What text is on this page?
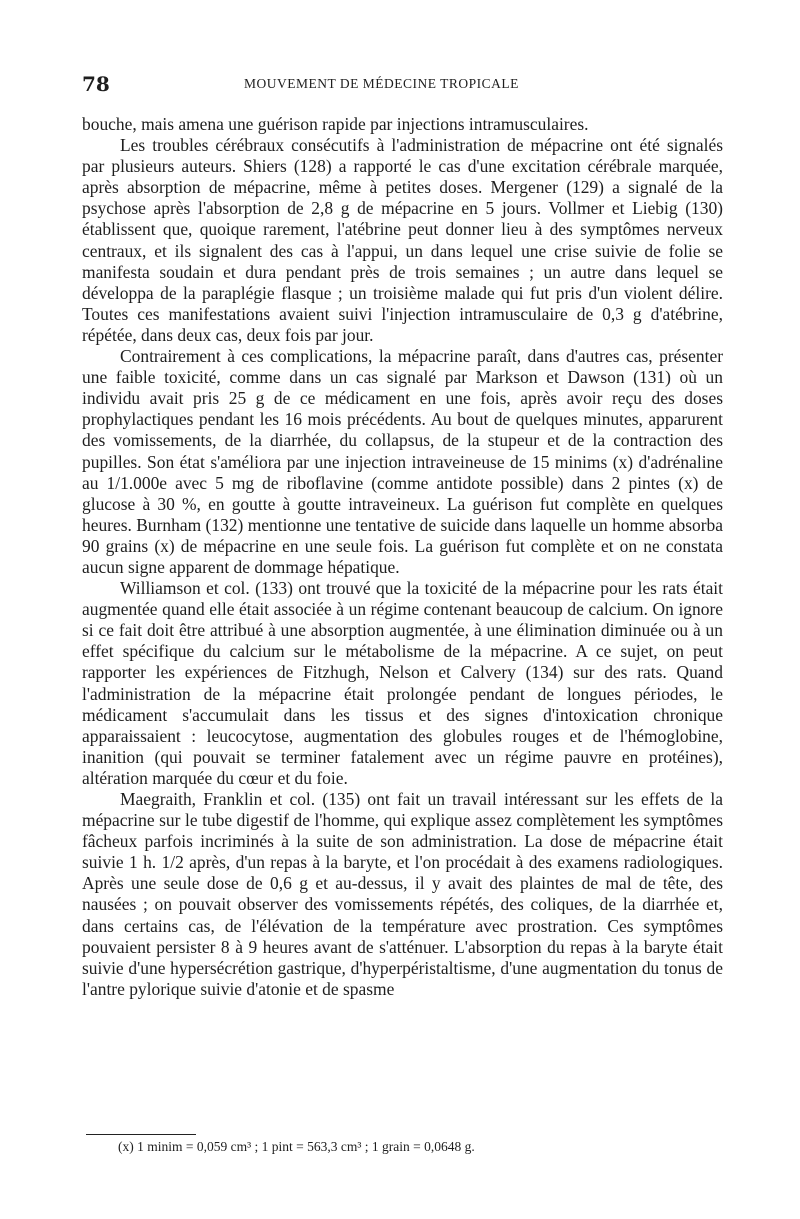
78	MOUVEMENT DE MÉDECINE TROPICALE

bouche, mais amena une guérison rapide par injections intramusculaires.

Les troubles cérébraux consécutifs à l'administration de mépacrine ont été signalés par plusieurs auteurs. Shiers (128) a rapporté le cas d'une excitation cérébrale marquée, après absorption de mépacrine, même à petites doses. Mergener (129) a signalé de la psychose après l'absorption de 2,8 g de mépacrine en 5 jours. Vollmer et Liebig (130) établissent que, quoique rarement, l'atébrine peut donner lieu à des symptômes nerveux centraux, et ils signalent des cas à l'appui, un dans lequel une crise suivie de folie se manifesta soudain et dura pendant près de trois semaines ; un autre dans lequel se développa de la paraplégie flasque ; un troisième malade qui fut pris d'un violent délire. Toutes ces manifestations avaient suivi l'injection intramusculaire de 0,3 g d'atébrine, répétée, dans deux cas, deux fois par jour.

Contrairement à ces complications, la mépacrine paraît, dans d'autres cas, présenter une faible toxicité, comme dans un cas signalé par Markson et Dawson (131) où un individu avait pris 25 g de ce médicament en une fois, après avoir reçu des doses prophylactiques pendant les 16 mois précédents. Au bout de quelques minutes, apparurent des vomissements, de la diarrhée, du collapsus, de la stupeur et de la contraction des pupilles. Son état s'améliora par une injection intraveineuse de 15 minims (x) d'adrénaline au 1/1.000e avec 5 mg de riboflavine (comme antidote possible) dans 2 pintes (x) de glucose à 30 %, en goutte à goutte intraveineux. La guérison fut complète en quelques heures. Burnham (132) mentionne une tentative de suicide dans laquelle un homme absorba 90 grains (x) de mépacrine en une seule fois. La guérison fut complète et on ne constata aucun signe apparent de dommage hépatique.

Williamson et col. (133) ont trouvé que la toxicité de la mépacrine pour les rats était augmentée quand elle était associée à un régime contenant beaucoup de calcium. On ignore si ce fait doit être attribué à une absorption augmentée, à une élimination diminuée ou à un effet spécifique du calcium sur le métabolisme de la mépacrine. A ce sujet, on peut rapporter les expériences de Fitzhugh, Nelson et Calvery (134) sur des rats. Quand l'administration de la mépacrine était prolongée pendant de longues périodes, le médicament s'accumulait dans les tissus et des signes d'intoxication chronique apparaissaient : leucocytose, augmentation des globules rouges et de l'hémoglobine, inanition (qui pouvait se terminer fatalement avec un régime pauvre en protéines), altération marquée du cœur et du foie.

Maegraith, Franklin et col. (135) ont fait un travail intéressant sur les effets de la mépacrine sur le tube digestif de l'homme, qui explique assez complètement les symptômes fâcheux parfois incriminés à la suite de son administration. La dose de mépacrine était suivie 1 h. 1/2 après, d'un repas à la baryte, et l'on procédait à des examens radiologiques. Après une seule dose de 0,6 g et au-dessus, il y avait des plaintes de mal de tête, des nausées ; on pouvait observer des vomissements répétés, des coliques, de la diarrhée et, dans certains cas, de l'élévation de la température avec prostration. Ces symptômes pouvaient persister 8 à 9 heures avant de s'atténuer. L'absorption du repas à la baryte était suivie d'une hypersécrétion gastrique, d'hyperpéristaltisme, d'une augmentation du tonus de l'antre pylorique suivie d'atonie et de spasme

(x) 1 minim = 0,059 cm³ ; 1 pint = 563,3 cm³ ; 1 grain = 0,0648 g.
